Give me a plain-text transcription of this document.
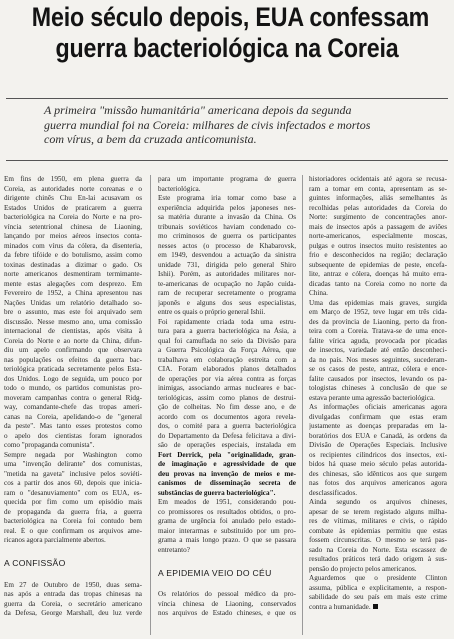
Meio século depois, EUA confessam
guerra bacteriológica na Coreia
A primeira "missão humanitária" americana depois da segunda
guerra mundial foi na Coreia: milhares de civis infectados e mortos
com vírus, a bem da cruzada anticomunista.
Em fins de 1950, em plena guerra da
Coreia, as autoridades norte coreanas e o
dirigente chinês Chu En-lai acusavam os
Estados Unidos de praticarem a guerra
bacteriológica na Coreia do Norte e na pro-
víncia setentrional chinesa de Liaoning,
lançando por meios aéreos insectos conta-
minados com vírus da cólera, da disenteria,
da febre tifóide e do botulismo, assim como
toxinas destinadas a dizimar o gado. Os
norte americanos desmentiram termimante-
mente estas alegações com desprezo. Em
Fevereiro de 1952, a China apresentou nas
Nações Unidas um relatório detalhado so-
bre o assunto, mas este foi arquivado sem
discussão. Nesse mesmo ano, uma comissão
internacional de cientistas, após visita à
Coreia do Norte e ao norte da China, difun-
diu um apelo confirmando que observara
nas populações os efeitos da guerra bac-
teriológica praticada secretamente pelos Esta-
dos Unidos. Logo de seguida, um pouco por
todo o mundo, os partidos comunistas pro-
moveram campanhas contra o general Ridg-
way, comandante-chefe das tropas ameri-
canas na Coreia, apelidando-o de "general
da peste". Mas tanto esses protestos como
o apelo dos cientistas foram ignorados
como "propaganda comunista".
Sempre negada por Washington como
uma "invenção delirante" dos comunistas,
"metida na gaveta" inclusive pelos soviéti-
cos a partir dos anos 60, depois que inicia-
ram o "desanuviamento" com os EUA, es-
quecida por fim como um episódio mais
de propaganda da guerra fria, a guerra
bacteriológica na Coreia foi contudo bem
real. É o que confirmam os arquivos ame-
ricanos agora parcialmente abertos.
A CONFISSÃO
Em 27 de Outubro de 1950, duas sema-
nas após a entrada das tropas chinesas na
guerra da Coreia, o secretário americano
da Defesa, George Marshall, deu luz verde
para um importante programa de guerra
bacteriológica.
Este programa iria tomar como base a
experiência adquirida pelos japoneses nes-
sa matéria durante a invasão da China. Os
tribunais soviéticos haviam condenado co-
mo criminosos de guerra os participantes
nesses actos (o processo de Khabarovsk,
em 1949, desvendou a actuação da sinistra
unidade 731, dirigida pelo general Shiro
Ishii). Porém, as autoridades militares nor-
te-americanas de ocupação no Japão cuida-
ram de recuperar secretamente o programa
japonês e alguns dos seus especialistas,
entre os quais o próprio general Ishii.
Foi rapidamente criada toda uma estru-
tura para a guerra bacteriológica na Ásia, a
qual foi camuflada no seio da Divisão para
a Guerra Psicológica da Força Aérea, que
trabalhava em colaboração estreita com a
CIA. Foram elaborados planos detalhados
de operações por via aérea contra as forças
inimigas, associando armas nucleares e bac-
teriológicas, assim como planos de destrui-
ção de colheitas. No fim desse ano, e de
acordo com os documentos agora revela-
dos, o comité para a guerra bacteriológica
do Departamento da Defesa felicitava a divi-
são de operações especiais, instalada em
Fort Derrick, pela "originalidade, gran-
de imaginação e agressividade de que
deu provas na invenção de meios e me-
canismos de disseminação secreta de
substâncias de guerra bacteriológica".
Em meados de 1951, considerando pou-
co promissores os resultados obtidos, o pro-
grama de urgência foi anulado pelo estado-
maior interarmas e substituído por um pro-
grama a mais longo prazo. O que se passara
entretanto?
A EPIDEMIA VEIO DO CÉU
Os relatórios do pessoal médico da pro-
víncia chinesa de Liaoning, conservados
nos arquivos de Estado chineses, e que os
historiadores ocidentais até agora se recusa-
ram a tomar em conta, apresentam as se-
guintes informações, aliás semelhantes às
recolhidas pelas autoridades da Coreia do
Norte: surgimento de concentrações anor-
mais de insectos após a passagem de aviões
norte-americanos, especialmente moscas,
pulgas e outros insectos muito resistentes ao
frio e desconhecidos na região; declaração
subsequente de epidemias de peste, encefa-
lite, antraz e cólera, doenças há muito erra-
dicadas tanto na Coreia como no norte da
China.
Uma das epidemias mais graves, surgida
em Março de 1952, teve lugar em três cida-
des da província de Liaoning, perto da fron-
teira com a Coreia. Tratava-se de uma ence-
falite vírica aguda, provocada por picadas
de insectos, variedade até então desconheci-
da no país. Nos meses seguintes, sucederam-
se os casos de peste, antraz, cólera e ence-
falite causados por insectos, levando os pa-
tologistas chineses à conclusão de que se
estava perante uma agressão bacteriológica.
As informações oficiais americanas agora
divulgadas confirmam que estas eram
justamente as doenças preparadas em la-
boratórios dos EUA e Canadá, às ordens da
Divisão de Operações Especiais. Inclusive
os recipientes cilíndricos dos insectos, exi-
bidos há quase meio século pelas autorida-
des chinesas, são idênticos aos que surgem
nas fotos dos arquivos americanos agora
desclassificados.
Ainda segundo os arquivos chineses,
apesar de se terem registado alguns milha-
res de vítimas, militares e civis, o rápido
combate às epidemias permitiu que estas
fossem circunscritas. O mesmo se terá pas-
sado na Coreia do Norte. Esta escassez de
resultados práticos terá dado origem à sus-
pensão do projecto pelos americanos.
Aguardemos que o presidente Clinton
assuma, pública e explicitamente, a respon-
sabilidade do seu país em mais este crime
contra a humanidade.
